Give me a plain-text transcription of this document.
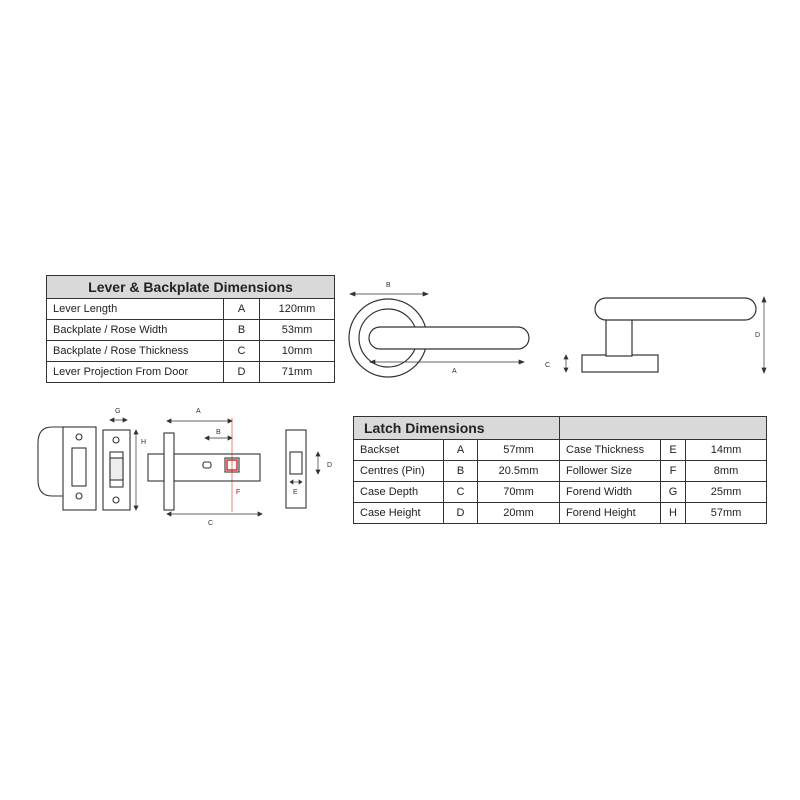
Lever & Backplate Dimensions		
Lever Length	A	120mm
Backplate / Rose Width	B	53mm
Backplate / Rose Thickness	C	10mm
Lever Projection From Door	D	71mm
Latch Dimensions					
Backset	A	57mm	Case Thickness	E	14mm
Centres (Pin)	B	20.5mm	Follower Size	F	8mm
Case Depth	C	70mm	Forend Width	G	25mm
Case Height	D	20mm	Forend Height	H	57mm
B
A
C
D
G
H
A
B
C
D
E
F
